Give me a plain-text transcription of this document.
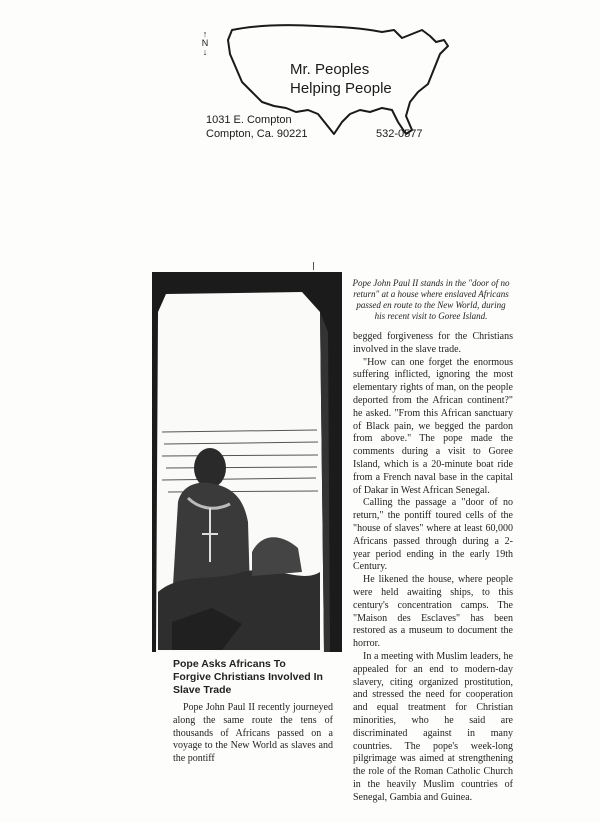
↑
N
↓
Mr. Peoples
Helping People
1031 E. Compton
Compton, Ca. 90221	532-0577
Pope John Paul II stands in the "door of no return" at a house where enslaved Africans passed en route to the New World, during his recent visit to Goree Island.
Pope Asks Africans To Forgive Christians Involved In Slave Trade

Pope John Paul II recently journeyed along the same route the tens of thousands of Africans passed on a voyage to the New World as slaves and the pontiff

begged forgiveness for the Christians involved in the slave trade.

"How can one forget the enormous suffering inflicted, ignoring the most elementary rights of man, on the people deported from the African continent?" he asked. "From this African sanctuary of Black pain, we begged the pardon from above." The pope made the comments during a visit to Goree Island, which is a 20-minute boat ride from a French naval base in the capital of Dakar in West African Senegal.

Calling the passage a "door of no return," the pontiff toured cells of the "house of slaves" where at least 60,000 Africans passed through during a 2-year period ending in the early 19th Century.

He likened the house, where people were held awaiting ships, to this century's concentration camps. The "Maison des Esclaves" has been restored as a museum to document the horror.

In a meeting with Muslim leaders, he appealed for an end to modern-day slavery, citing organized prostitution, and stressed the need for cooperation and equal treatment for Christian minorities, who he said are discriminated against in many countries. The pope's week-long pilgrimage was aimed at strengthening the role of the Roman Catholic Church in the heavily Muslim countries of Senegal, Gambia and Guinea.
